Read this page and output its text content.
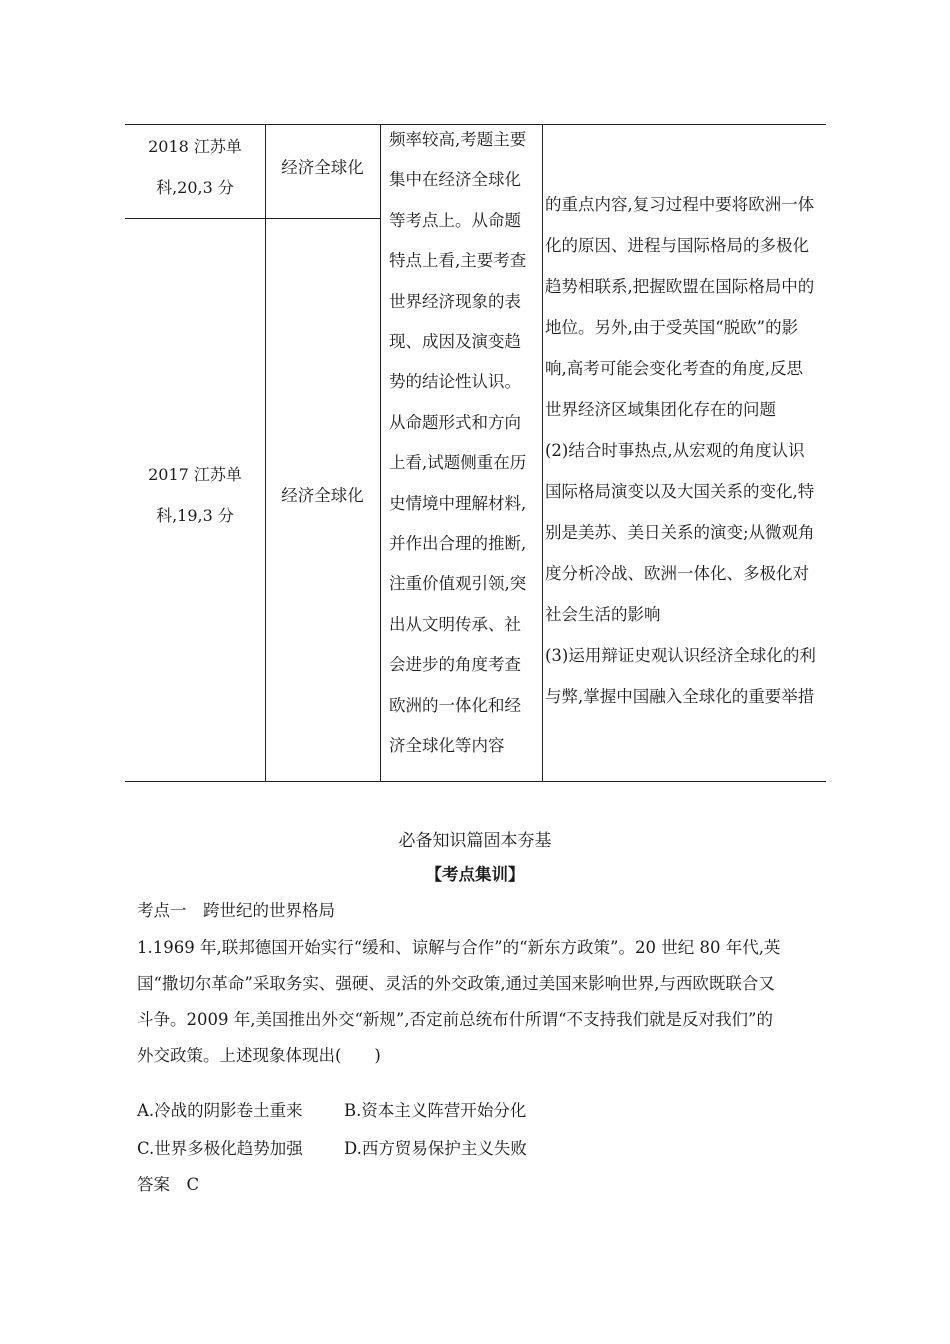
2018 江苏单
科,20,3 分
经济全球化
2017 江苏单
科,19,3 分
经济全球化
频率较高,考题主要
集中在经济全球化
等考点上。从命题
特点上看,主要考查
世界经济现象的表
现、成因及演变趋
势的结论性认识。
从命题形式和方向
上看,试题侧重在历
史情境中理解材料,
并作出合理的推断,
注重价值观引领,突
出从文明传承、社
会进步的角度考查
欧洲的一体化和经
济全球化等内容
的重点内容,复习过程中要将欧洲一体
化的原因、进程与国际格局的多极化
趋势相联系,把握欧盟在国际格局中的
地位。另外,由于受英国“脱欧”的影
响,高考可能会变化考查的角度,反思
世界经济区域集团化存在的问题
(2)结合时事热点,从宏观的角度认识
国际格局演变以及大国关系的变化,特
别是美苏、美日关系的演变;从微观角
度分析冷战、欧洲一体化、多极化对
社会生活的影响
(3)运用辩证史观认识经济全球化的利
与弊,掌握中国融入全球化的重要举措
必备知识篇固本夯基
【考点集训】
考点一　跨世纪的世界格局
1.1969 年,联邦德国开始实行“缓和、谅解与合作”的“新东方政策”。20 世纪 80 年代,英
国“撒切尔革命”采取务实、强硬、灵活的外交政策,通过美国来影响世界,与西欧既联合又
斗争。2009 年,美国推出外交“新规”,否定前总统布什所谓“不支持我们就是反对我们”的
外交政策。上述现象体现出(　　)
A.冷战的阴影卷土重来	B.资本主义阵营开始分化
C.世界多极化趋势加强 D.西方贸易保护主义失败
答案　C
